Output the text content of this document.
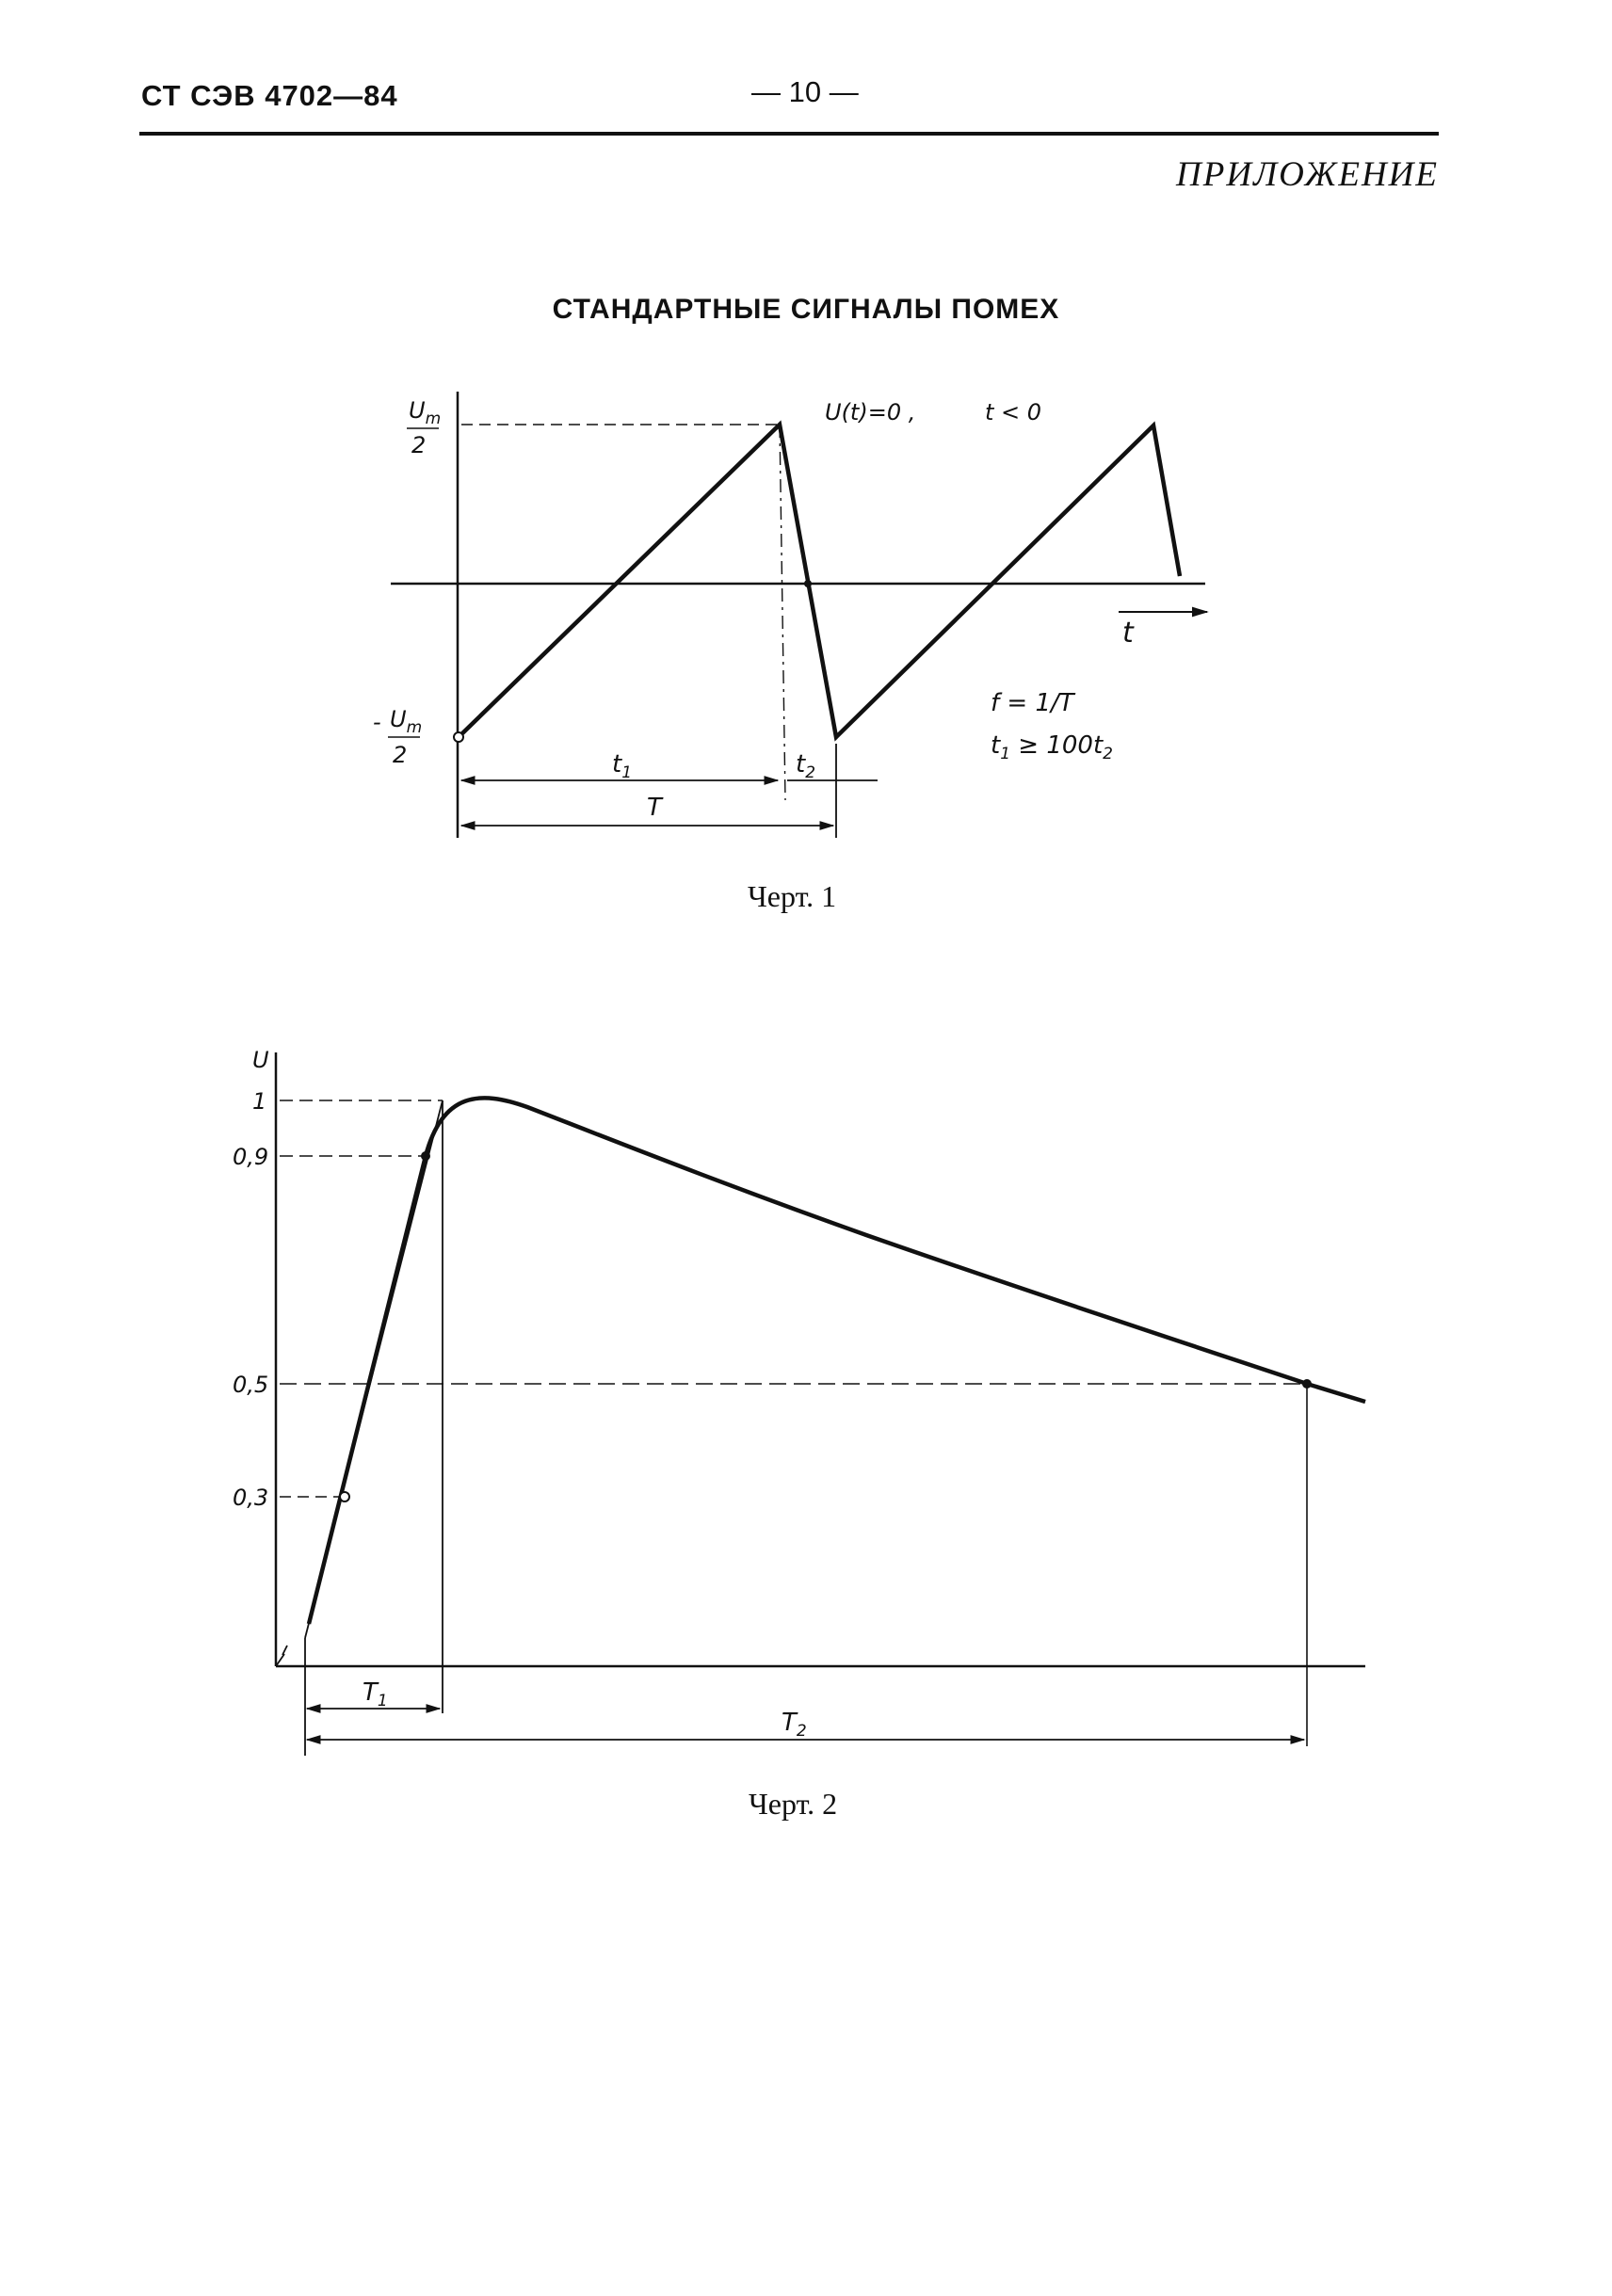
СТ СЭВ 4702—84	— 10 —
ПРИЛОЖЕНИЕ
СТАНДАРТНЫЕ СИГНАЛЫ ПОМЕХ
$U_m$
2
- $U_m$
2
U(t)=0 ,	t < 0
t
f = 1/T
$t_1 \ge 100t_2$
$t_1$	$t_2$
T
U
1
0,9
0,5
0,3
$T_1$
$T_2$
Черт. 1
Черт. 2
